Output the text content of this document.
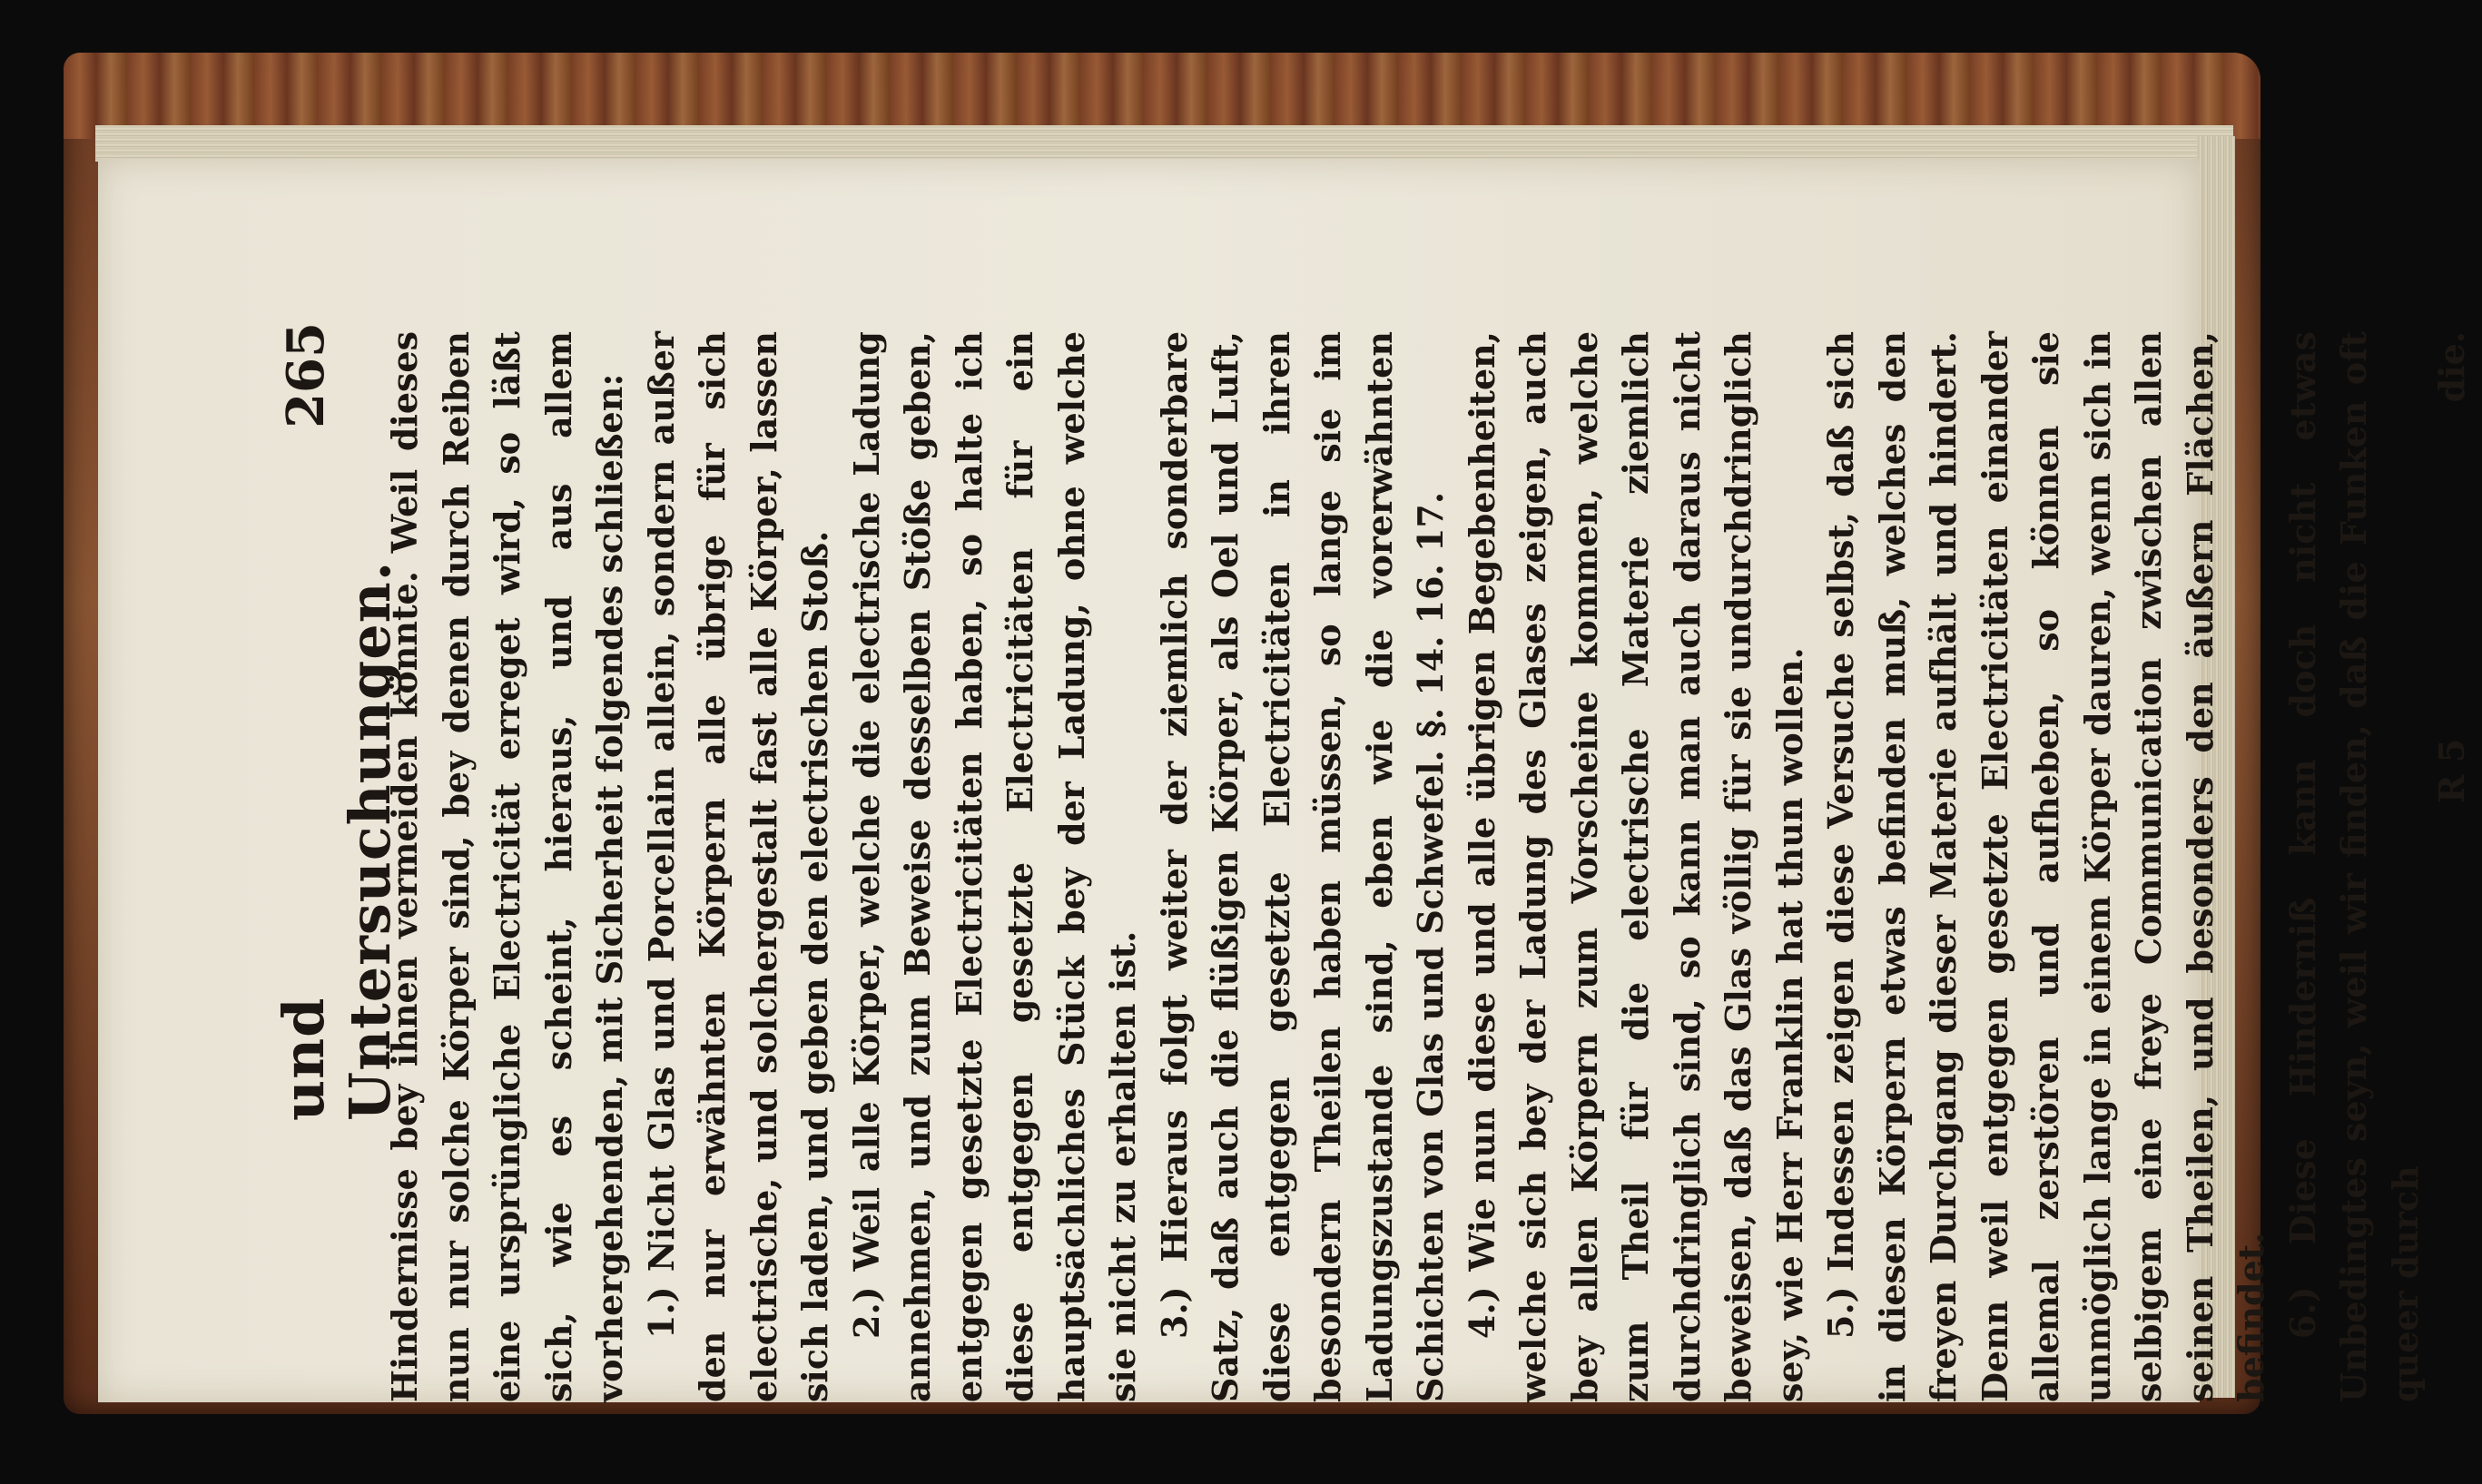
und Untersuchungen.
265 Hindernisse bey ihnen vermeiden könnte. Weil dieses nun nur solche Körper sind, bey denen durch Reiben eine ursprüngliche Electricität erreget wird, so läßt sich, wie es scheint, hieraus, und aus allem vorhergehenden, mit Sicherheit folgendes schließen: 1.) Nicht Glas und Porcellain allein, sondern außer den nur erwähnten Körpern alle übrige für sich electrische, und solchergestalt fast alle Körper, lassen sich laden, und geben den electrischen Stoß. 2.) Weil alle Körper, welche die electrische Ladung annehmen, und zum Beweise desselben Stöße geben, entgegen gesetzte Electricitäten haben, so halte ich diese entgegen gesetzte Electricitäten für ein hauptsächliches Stück bey der Ladung, ohne welche sie nicht zu erhalten ist. 3.) Hieraus folgt weiter der ziemlich sonderbare Satz, daß auch die flüßigen Körper, als Oel und Luft, diese entgegen gesetzte Electricitäten in ihren besondern Theilen haben müssen, so lange sie im Ladungszustande sind, eben wie die vorerwähnten Schichten von Glas und Schwefel. §. 14. 16. 17. 4.) Wie nun diese und alle übrigen Begebenheiten, welche sich bey der Ladung des Glases zeigen, auch bey allen Körpern zum Vorscheine kommen, welche zum Theil für die electrische Materie ziemlich durchdringlich sind, so kann man auch daraus nicht beweisen, daß das Glas völlig für sie undurchdringlich sey, wie Herr Franklin hat thun wollen. 5.) Indessen zeigen diese Versuche selbst, daß sich in diesen Körpern etwas befinden muß, welches den freyen Durchgang dieser Materie aufhält und hindert. Denn weil entgegen gesetzte Electricitäten einander allemal zerstören und aufheben, so können sie unmöglich lange in einem Körper dauren, wenn sich in selbigem eine freye Communication zwischen allen seinen Theilen, und besonders den äußern Flächen, befindet. 6.) Diese Hinderniß kann doch nicht etwas Unbedingtes seyn, weil wir finden, daß die Funken oft queer durch

R 5
die.
